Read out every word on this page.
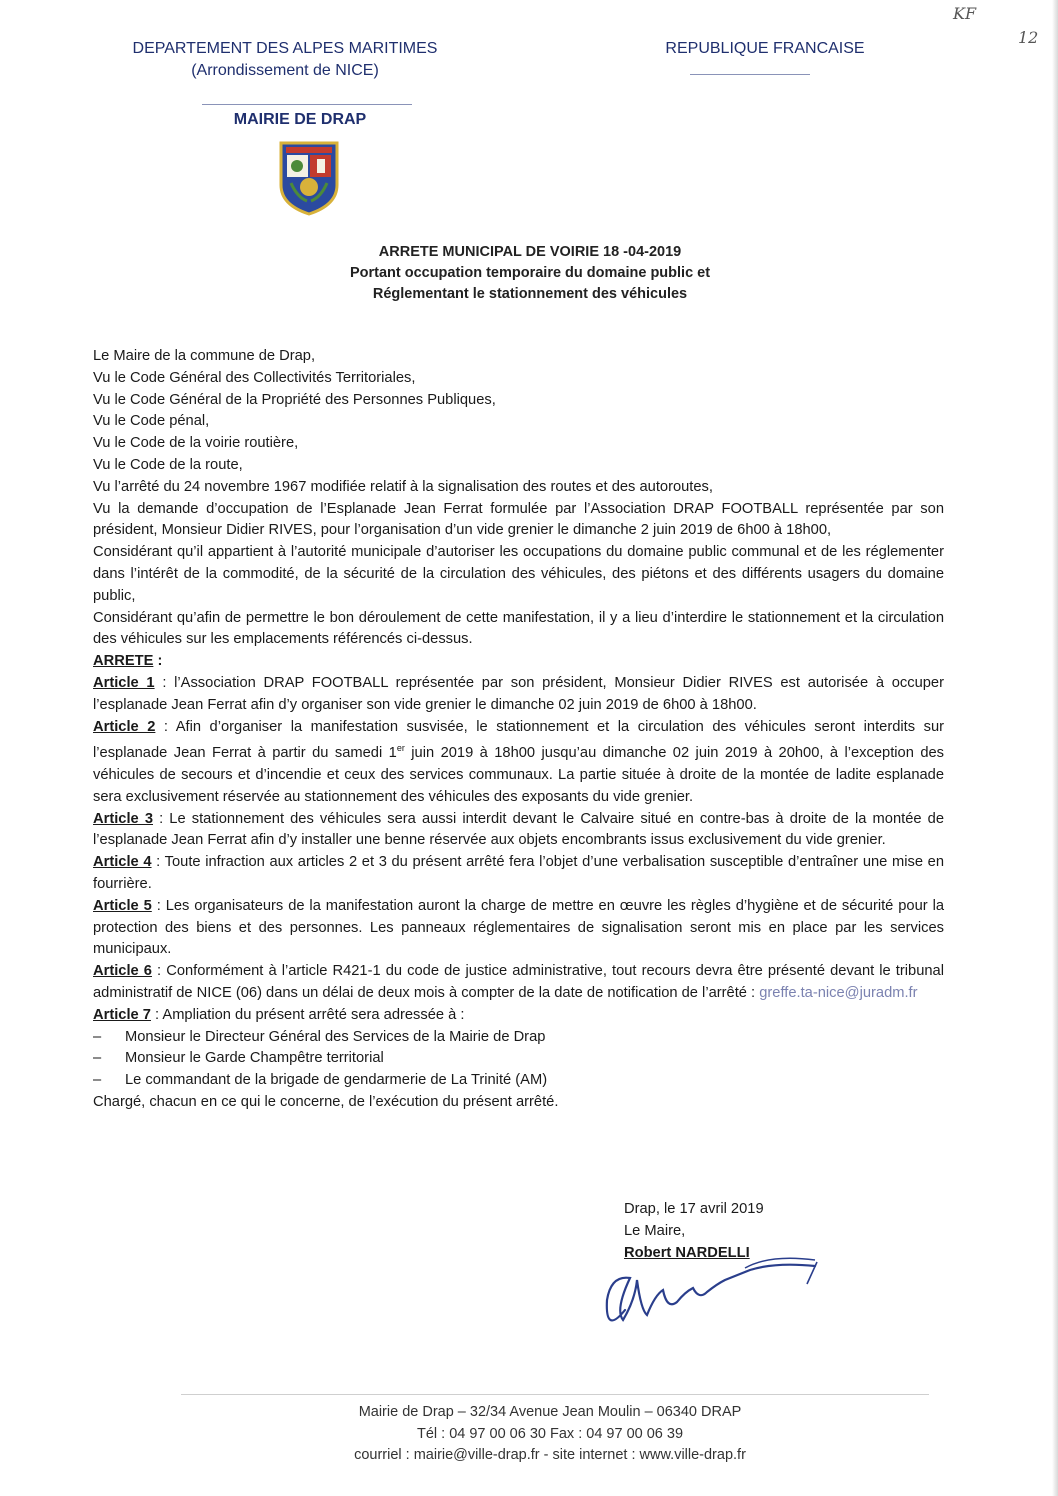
KF
12
DEPARTEMENT DES ALPES MARITIMES
(Arrondissement de NICE)
REPUBLIQUE FRANCAISE
MAIRIE DE DRAP
ARRETE MUNICIPAL DE VOIRIE 18 -04-2019
Portant occupation temporaire du domaine public et
Réglementant le stationnement des véhicules

Le Maire de la commune de Drap,

Vu le Code Général des Collectivités Territoriales,

Vu le Code Général de la Propriété des Personnes Publiques,

Vu le Code pénal,

Vu le Code de la voirie routière,

Vu le Code de la route,

Vu l’arrêté du 24 novembre 1967 modifiée relatif à la signalisation des routes et des autoroutes,

Vu la demande d’occupation de l’Esplanade Jean Ferrat formulée par l’Association DRAP FOOTBALL représentée par son président, Monsieur Didier RIVES, pour l’organisation d’un vide grenier le dimanche 2 juin 2019 de 6h00 à 18h00,

Considérant qu’il appartient à l’autorité municipale d’autoriser les occupations du domaine public communal et de les réglementer dans l’intérêt de la commodité, de la sécurité de la circulation des véhicules, des piétons et des différents usagers du domaine public,

Considérant qu’afin de permettre le bon déroulement de cette manifestation, il y a lieu d’interdire le stationnement et la circulation des véhicules sur les emplacements référencés ci-dessus.

ARRETE :

Article 1 : l’Association DRAP FOOTBALL représentée par son président, Monsieur Didier RIVES est autorisée à occuper l’esplanade Jean Ferrat afin d’y organiser son vide grenier le dimanche 02 juin 2019 de 6h00 à 18h00.

Article 2 : Afin d’organiser la manifestation susvisée, le stationnement et la circulation des véhicules seront interdits sur l’esplanade Jean Ferrat à partir du samedi 1er juin 2019 à 18h00 jusqu’au dimanche 02 juin 2019 à 20h00, à l’exception des véhicules de secours et d’incendie et ceux des services communaux. La partie située à droite de la montée de ladite esplanade sera exclusivement réservée au stationnement des véhicules des exposants du vide grenier.

Article 3 : Le stationnement des véhicules sera aussi interdit devant le Calvaire situé en contre-bas à droite de la montée de l’esplanade Jean Ferrat afin d’y installer une benne réservée aux objets encombrants issus exclusivement du vide grenier.

Article 4 : Toute infraction aux articles 2 et 3 du présent arrêté fera l’objet d’une verbalisation susceptible d’entraîner une mise en fourrière.

Article 5 : Les organisateurs de la manifestation auront la charge de mettre en œuvre les règles d’hygiène et de sécurité pour la protection des biens et des personnes. Les panneaux réglementaires de signalisation seront mis en place par les services municipaux.

Article 6 : Conformément à l’article R421-1 du code de justice administrative, tout recours devra être présenté devant le tribunal administratif de NICE (06) dans un délai de deux mois à compter de la date de notification de l’arrêté : greffe.ta-nice@juradm.fr

Article 7 : Ampliation du présent arrêté sera adressée à :

– Monsieur le Directeur Général des Services de la Mairie de Drap

– Monsieur le Garde Champêtre territorial

– Le commandant de la brigade de gendarmerie de La Trinité (AM)

Chargé, chacun en ce qui le concerne, de l’exécution du présent arrêté.

Drap, le 17 avril 2019
Le Maire,
Robert NARDELLI
Mairie de Drap – 32/34 Avenue Jean Moulin – 06340 DRAP
Tél : 04 97 00 06 30 Fax : 04 97 00 06 39
courriel : mairie@ville-drap.fr - site internet : www.ville-drap.fr
